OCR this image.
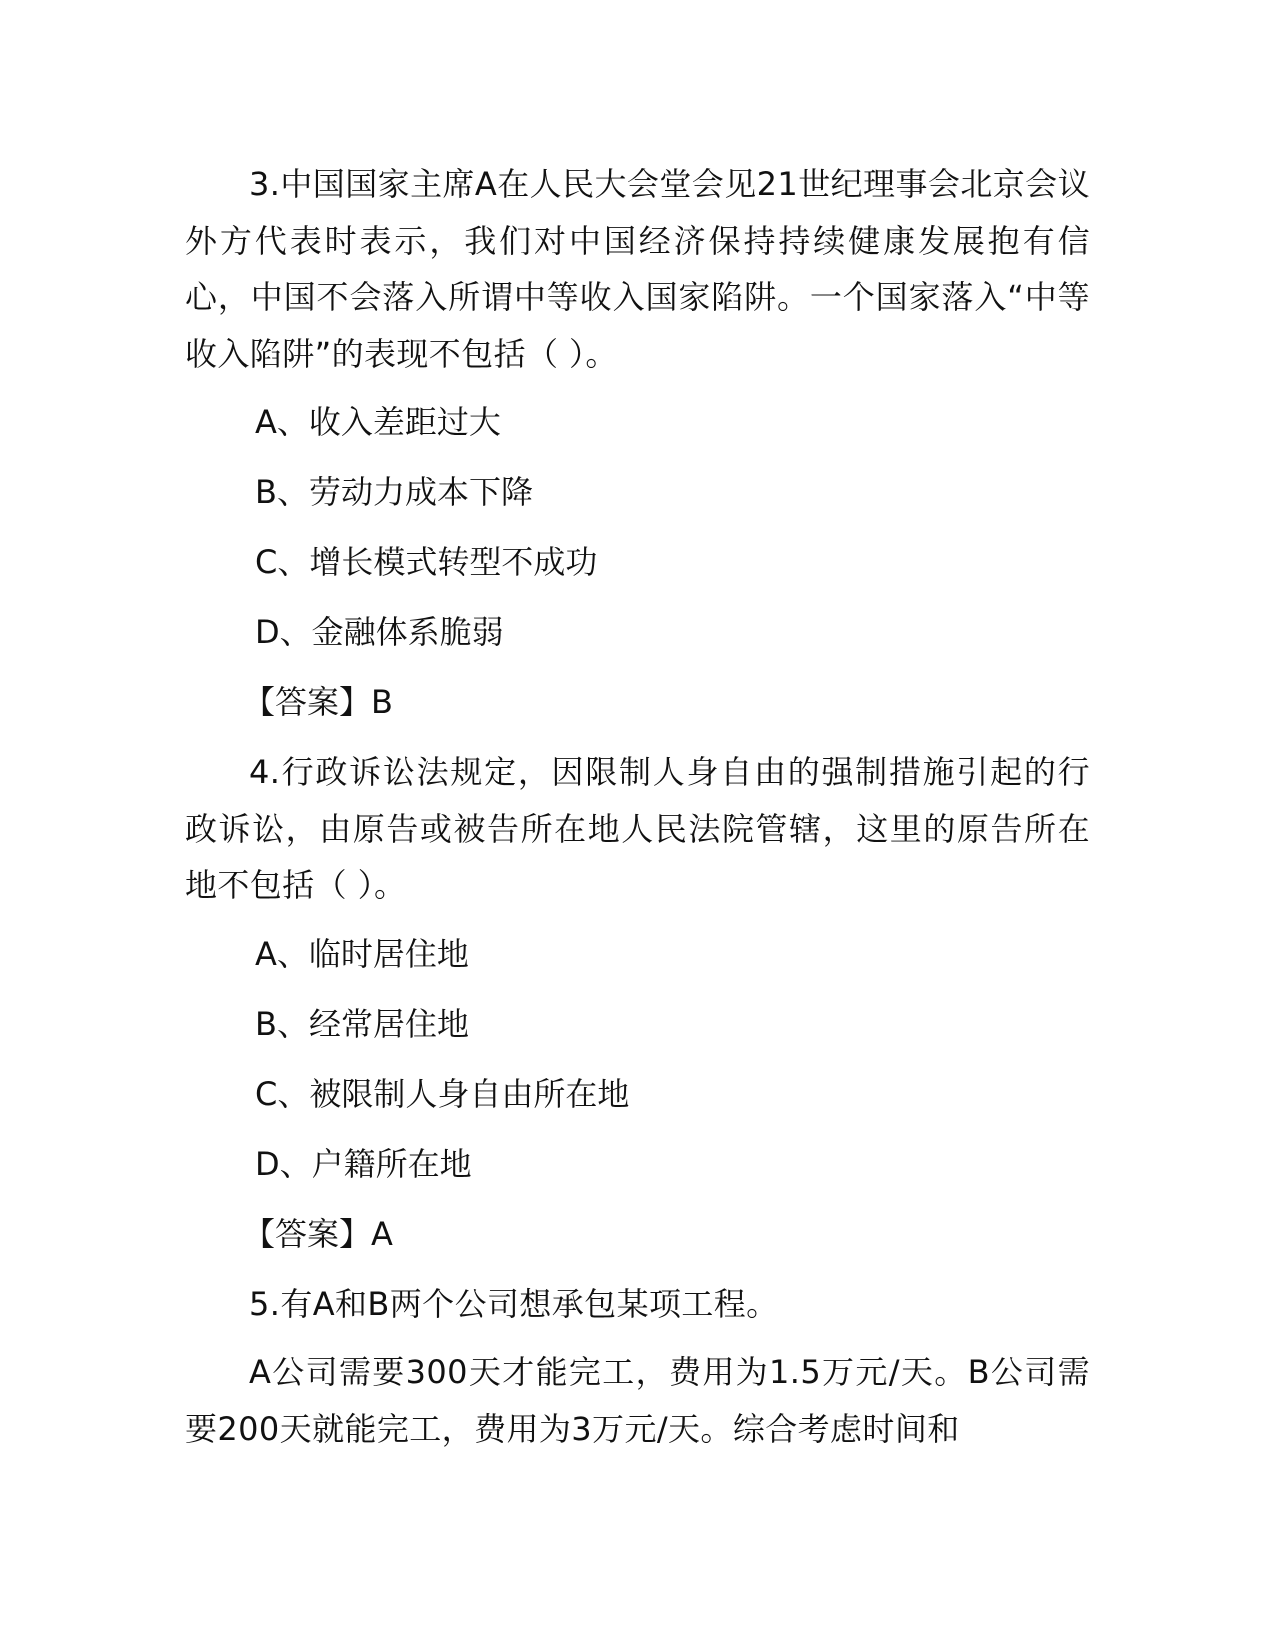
3.中国国家主席A在人民大会堂会见21世纪理事会北京会议外方代表时表示，我们对中国经济保持持续健康发展抱有信心，中国不会落入所谓中等收入国家陷阱。一个国家落入“中等收入陷阱”的表现不包括（ ）。

A、收入差距过大
B、劳动力成本下降
C、增长模式转型不成功
D、金融体系脆弱
【答案】B

4.行政诉讼法规定，因限制人身自由的强制措施引起的行政诉讼，由原告或被告所在地人民法院管辖，这里的原告所在地不包括（ ）。

A、临时居住地
B、经常居住地
C、被限制人身自由所在地
D、户籍所在地
【答案】A

5.有A和B两个公司想承包某项工程。

A公司需要300天才能完工，费用为1.5万元/天。B公司需要200天就能完工，费用为3万元/天。综合考虑时间和
